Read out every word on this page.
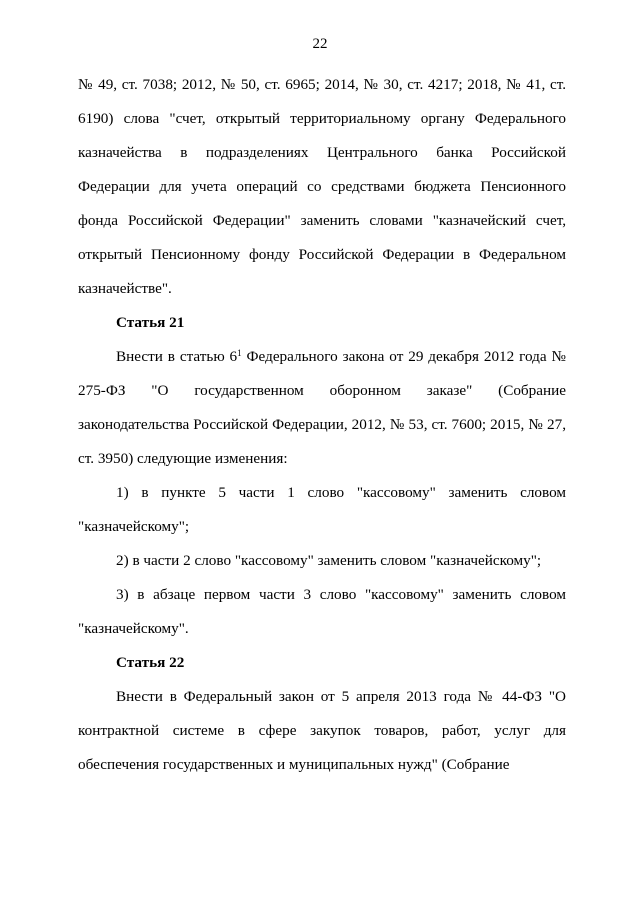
22

№ 49, ст. 7038; 2012, № 50, ст. 6965; 2014, № 30, ст. 4217; 2018, № 41, ст. 6190) слова "счет, открытый территориальному органу Федерального казначейства в подразделениях Центрального банка Российской Федерации для учета операций со средствами бюджета Пенсионного фонда Российской Федерации" заменить словами "казначейский счет, открытый Пенсионному фонду Российской Федерации в Федеральном казначействе".

Статья 21

Внести в статью $6^1$ Федерального закона от 29 декабря 2012 года № 275-ФЗ "О государственном оборонном заказе" (Собрание законодательства Российской Федерации, 2012, № 53, ст. 7600; 2015, № 27, ст. 3950) следующие изменения:

1) в пункте 5 части 1 слово "кассовому" заменить словом "казначейскому";

2) в части 2 слово "кассовому" заменить словом "казначейскому";

3) в абзаце первом части 3 слово "кассовому" заменить словом "казначейскому".

Статья 22

Внести в Федеральный закон от 5 апреля 2013 года № 44-ФЗ "О контрактной системе в сфере закупок товаров, работ, услуг для обеспечения государственных и муниципальных нужд" (Собрание
